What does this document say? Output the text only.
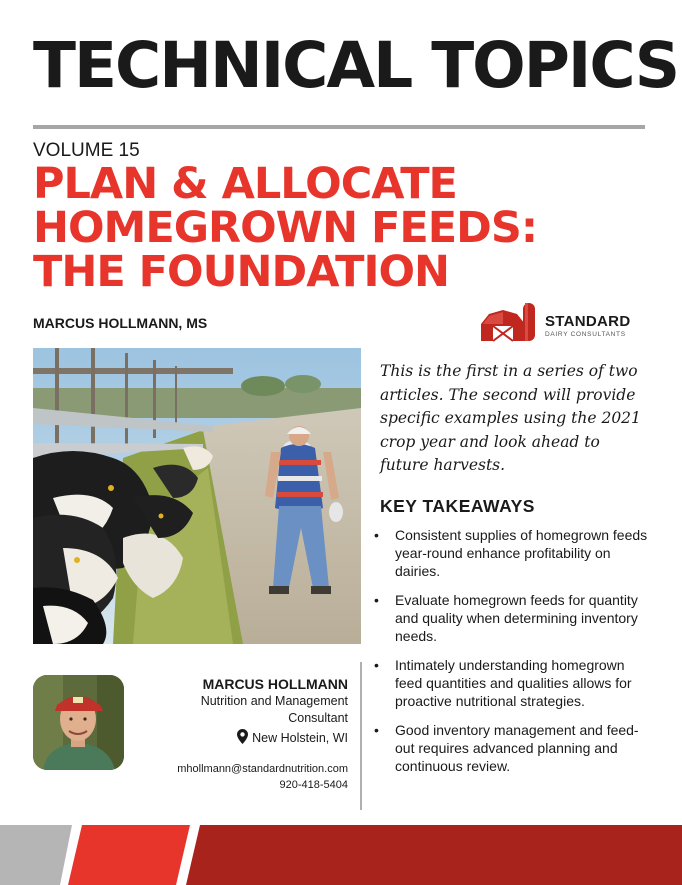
TECHNICAL TOPICS
VOLUME 15
PLAN & ALLOCATE
HOMEGROWN FEEDS:
THE FOUNDATION
MARCUS HOLLMANN, MS	STANDARD
DAIRY CONSULTANTS
This is the first in a series of two articles. The second will provide specific examples using the 2021 crop year and look ahead to future harvests.
KEY TAKEAWAYS
• Consistent supplies of homegrown feeds year-round enhance profitability on dairies.
• Evaluate homegrown feeds for quantity and quality when determining inventory needs.
• Intimately understanding homegrown feed quantities and qualities allows for proactive nutritional strategies.
• Good inventory management and feed-out requires advanced planning and continuous review.
MARCUS HOLLMANN
Nutrition and Management
Consultant
New Holstein, WI
mhollmann@standardnutrition.com
920-418-5404
